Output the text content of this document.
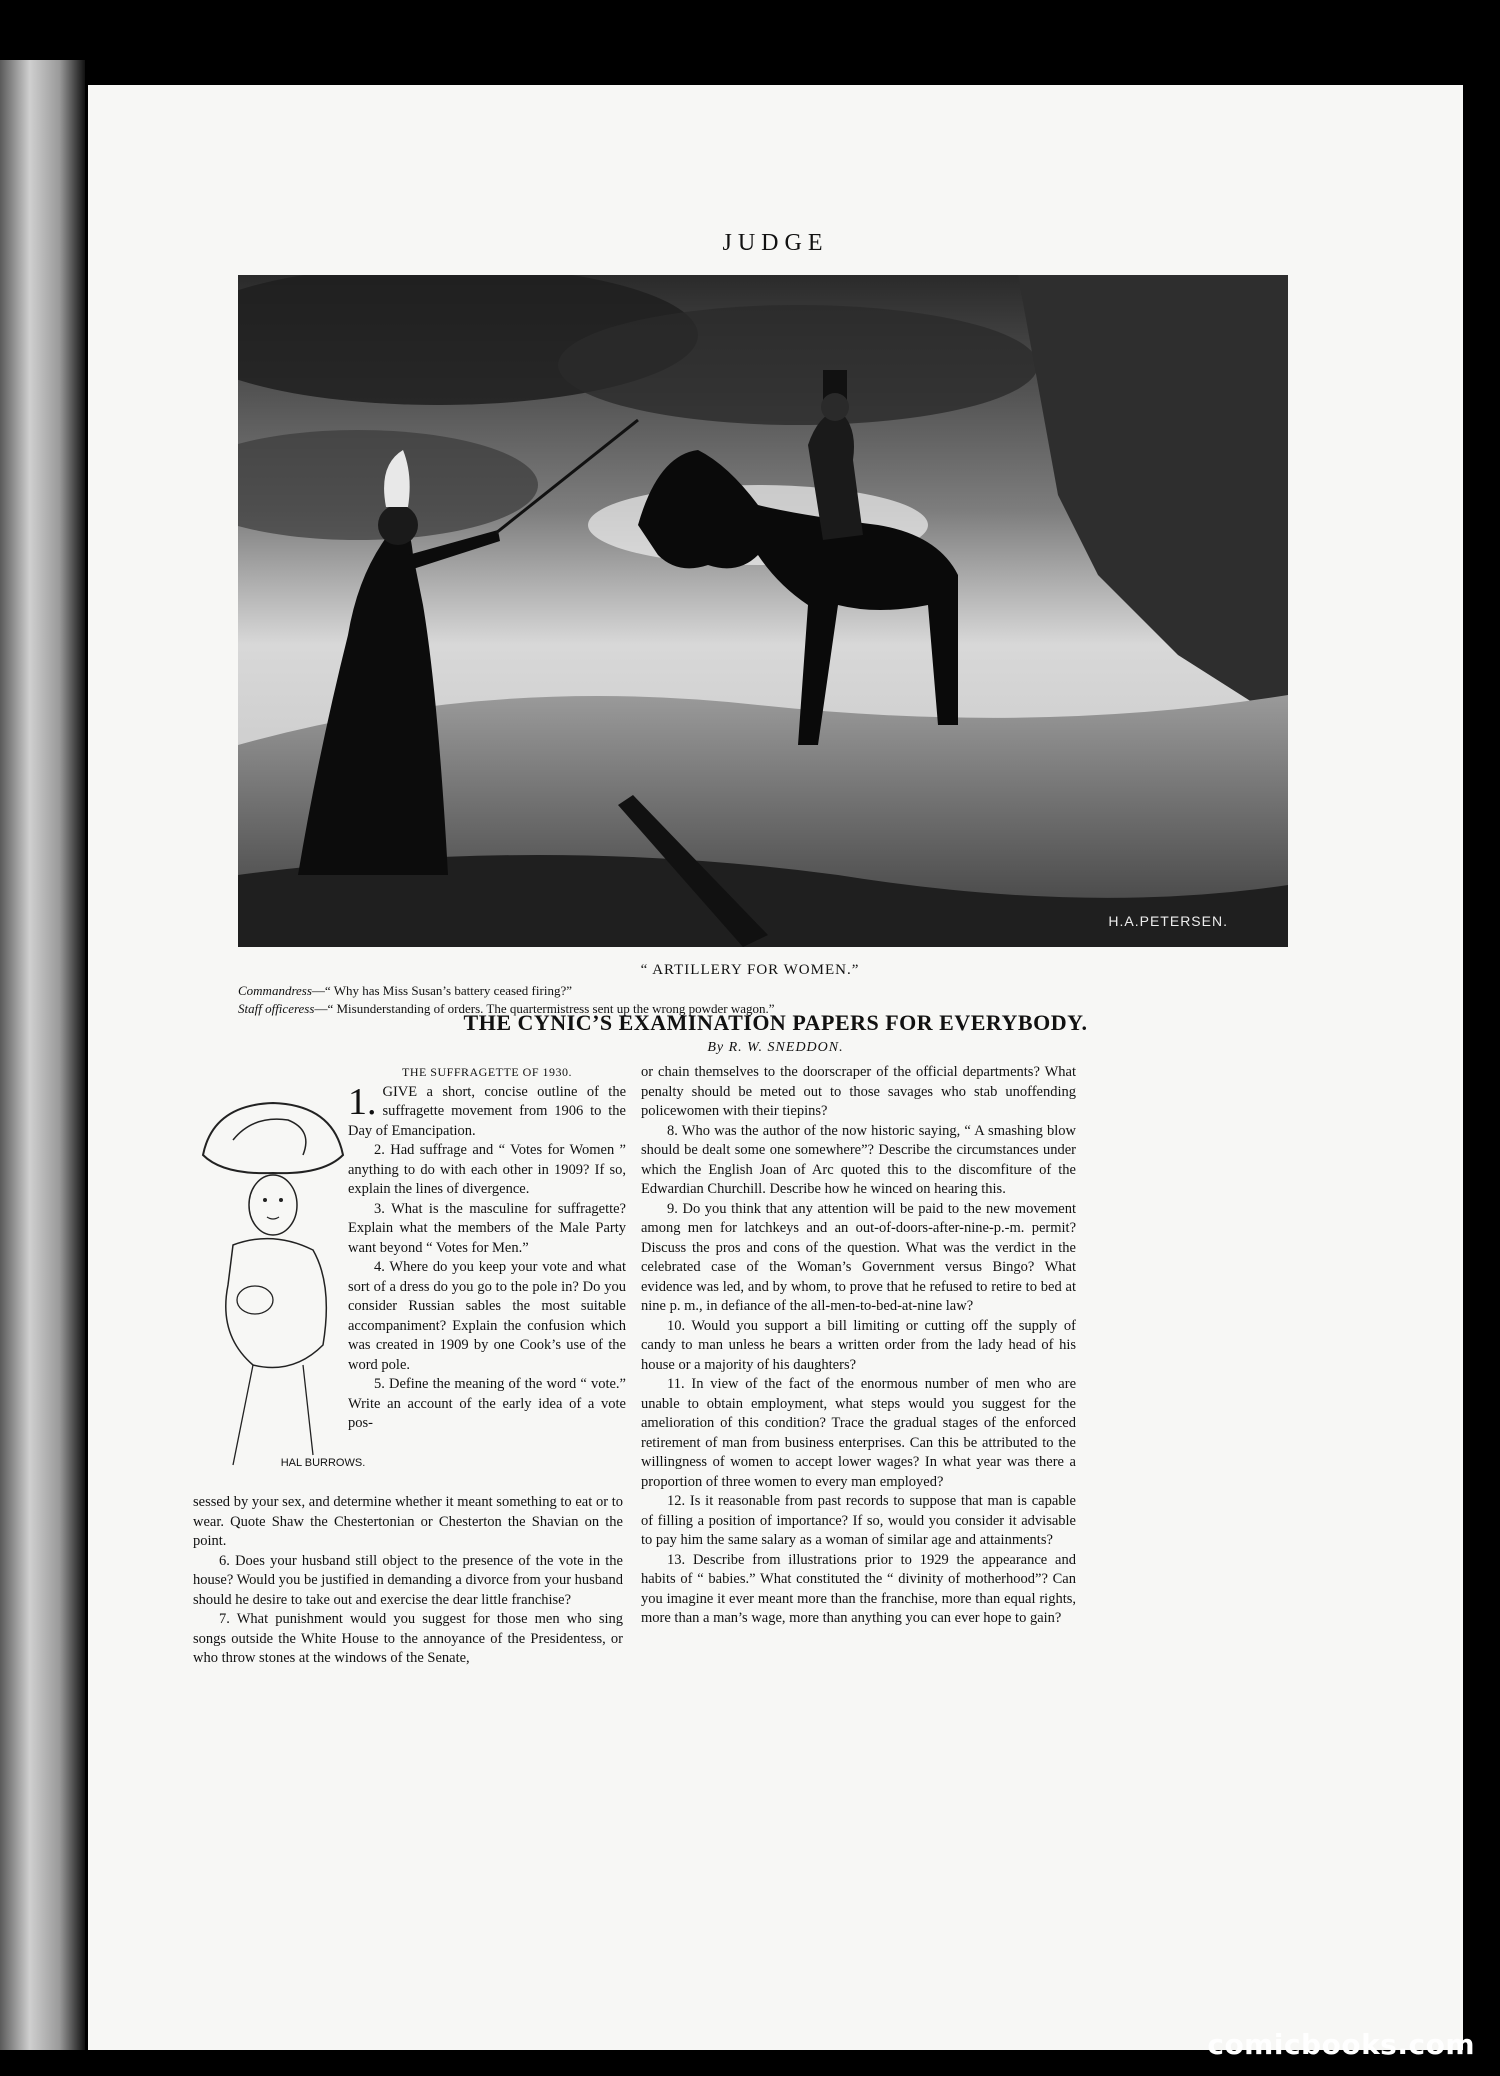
JUDGE
H.A.PETERSEN.
“ ARTILLERY FOR WOMEN.”
Commandress—“ Why has Miss Susan’s battery ceased firing?”
Staff officeress—“ Misunderstanding of orders. The quartermistress sent up the wrong powder wagon.”
THE CYNIC’S EXAMINATION PAPERS FOR EVERYBODY.
By R. W. SNEDDON.

THE SUFFRAGETTE OF 1930.

1. GIVE a short, concise outline of the suffragette movement from 1906 to the Day of Emancipation.

2. Had suffrage and “ Votes for Women ” anything to do with each other in 1909? If so, explain the lines of divergence.

3. What is the masculine for suffragette? Explain what the members of the Male Party want beyond “ Votes for Men.”

4. Where do you keep your vote and what sort of a dress do you go to the pole in? Do you consider Russian sables the most suitable accompaniment? Explain the confusion which was created in 1909 by one Cook’s use of the word pole.

5. Define the meaning of the word “ vote.” Write an account of the early idea of a vote pos-

HAL BURROWS.

sessed by your sex, and determine whether it meant something to eat or to wear. Quote Shaw the Chestertonian or Chesterton the Shavian on the point.

6. Does your husband still object to the presence of the vote in the house? Would you be justified in demanding a divorce from your husband should he desire to take out and exercise the dear little franchise?

7. What punishment would you suggest for those men who sing songs outside the White House to the annoyance of the Presidentess, or who throw stones at the windows of the Senate,

or chain themselves to the doorscraper of the official departments? What penalty should be meted out to those savages who stab unoffending policewomen with their tiepins?

8. Who was the author of the now historic saying, “ A smashing blow should be dealt some one somewhere”? Describe the circumstances under which the English Joan of Arc quoted this to the discomfiture of the Edwardian Churchill. Describe how he winced on hearing this.

9. Do you think that any attention will be paid to the new movement among men for latchkeys and an out-of-doors-after-nine-p.-m. permit? Discuss the pros and cons of the question. What was the verdict in the celebrated case of the Woman’s Government versus Bingo? What evidence was led, and by whom, to prove that he refused to retire to bed at nine p. m., in defiance of the all-men-to-bed-at-nine law?

10. Would you support a bill limiting or cutting off the supply of candy to man unless he bears a written order from the lady head of his house or a majority of his daughters?

11. In view of the fact of the enormous number of men who are unable to obtain employment, what steps would you suggest for the amelioration of this condition? Trace the gradual stages of the enforced retirement of man from business enterprises. Can this be attributed to the willingness of women to accept lower wages? In what year was there a proportion of three women to every man employed?

12. Is it reasonable from past records to suppose that man is capable of filling a position of importance? If so, would you consider it advisable to pay him the same salary as a woman of similar age and attainments?

13. Describe from illustrations prior to 1929 the appearance and habits of “ babies.” What constituted the “ divinity of motherhood”? Can you imagine it ever meant more than the franchise, more than equal rights, more than a man’s wage, more than anything you can ever hope to gain?

comicbooks.com
